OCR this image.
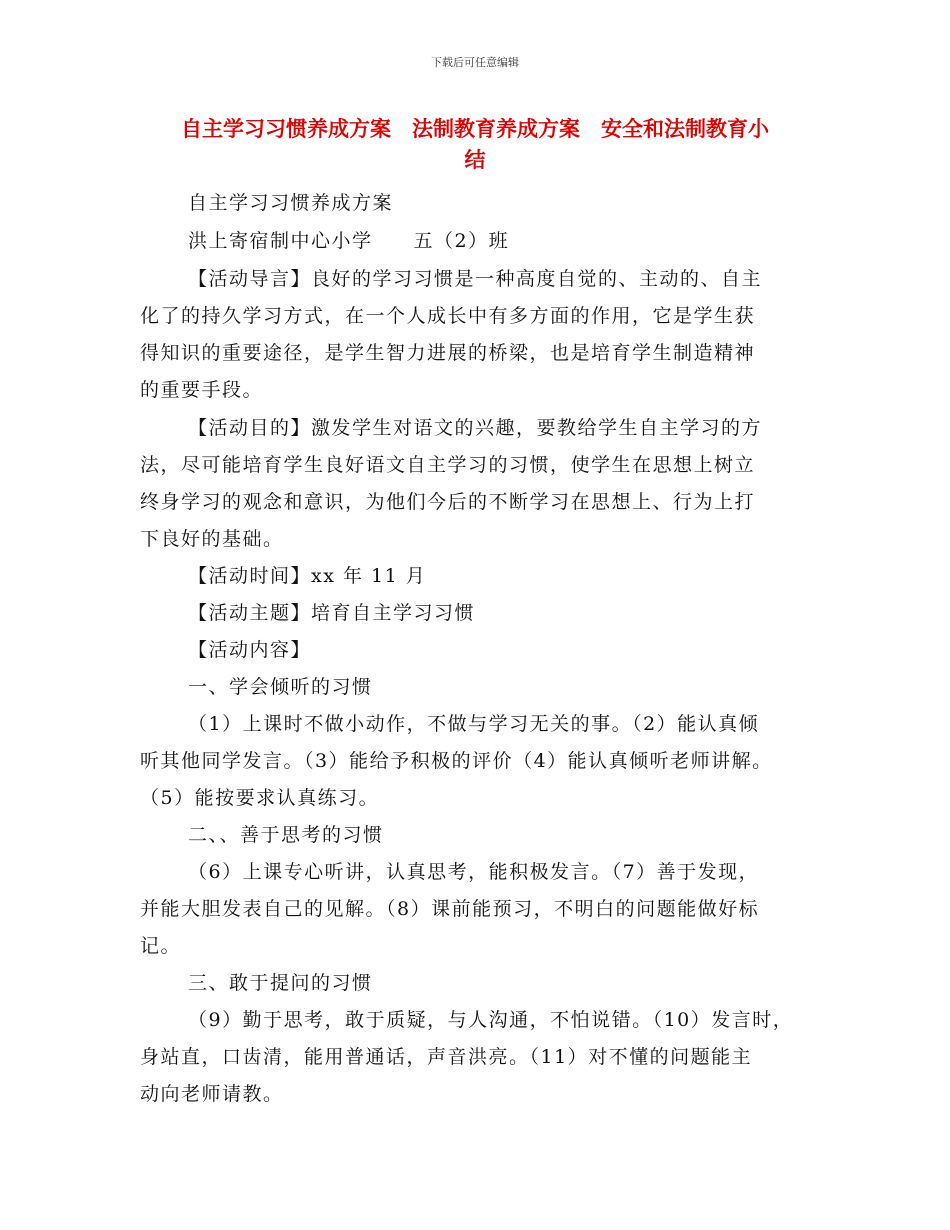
下载后可任意编辑
自主学习习惯养成方案　法制教育养成方案　安全和法制教育小
结
自主学习习惯养成方案
洪上寄宿制中心小学　　五（2）班
【活动导言】良好的学习习惯是一种高度自觉的、主动的、自主
化了的持久学习方式，在一个人成长中有多方面的作用，它是学生获
得知识的重要途径，是学生智力进展的桥梁，也是培育学生制造精神
的重要手段。
【活动目的】激发学生对语文的兴趣，要教给学生自主学习的方
法，尽可能培育学生良好语文自主学习的习惯，使学生在思想上树立
终身学习的观念和意识，为他们今后的不断学习在思想上、行为上打
下良好的基础。
【活动时间】xx 年 11 月
【活动主题】培育自主学习习惯
【活动内容】
一、学会倾听的习惯
（1）上课时不做小动作，不做与学习无关的事。（2）能认真倾
听其他同学发言。（3）能给予积极的评价（4）能认真倾听老师讲解。
（5）能按要求认真练习。
二、、善于思考的习惯
（6）上课专心听讲，认真思考，能积极发言。（7）善于发现，
并能大胆发表自己的见解。（8）课前能预习，不明白的问题能做好标
记。
三、敢于提问的习惯
（9）勤于思考，敢于质疑，与人沟通，不怕说错。（10）发言时，
身站直，口齿清，能用普通话，声音洪亮。（11）对不懂的问题能主
动向老师请教。
